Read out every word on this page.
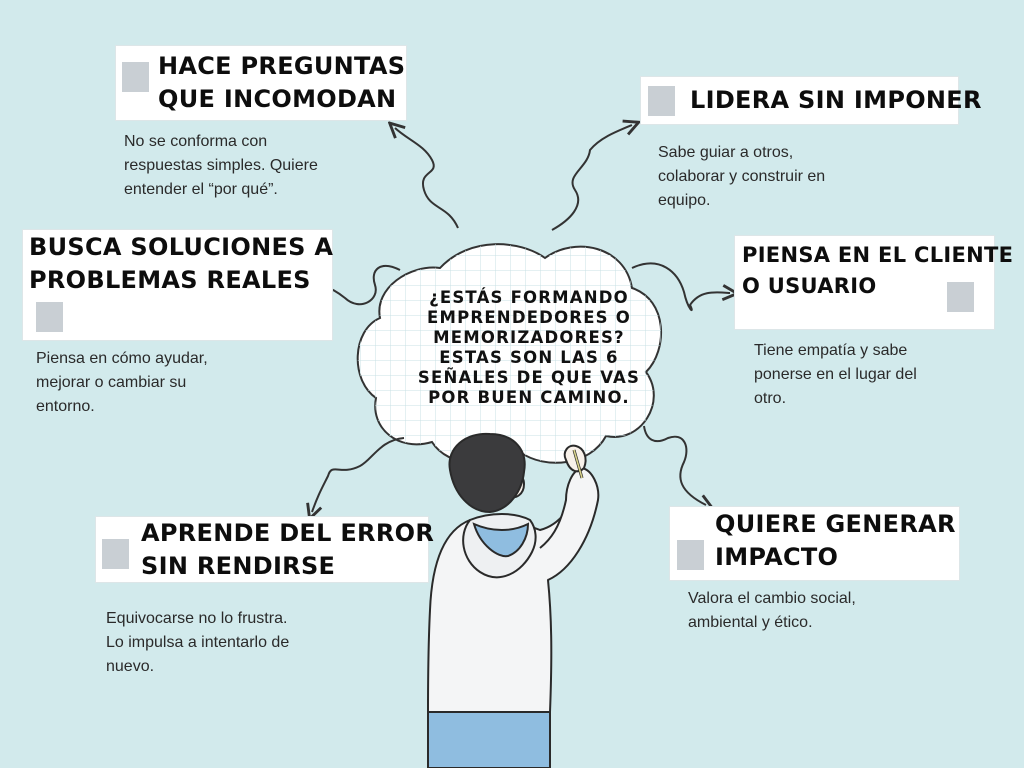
¿ESTÁS FORMANDO
EMPRENDEDORES O
MEMORIZADORES?
ESTAS SON LAS 6
SEÑALES DE QUE VAS
POR BUEN CAMINO.

HACE PREGUNTAS
QUE INCOMODAN

No se conforma con
respuestas simples. Quiere
entender el “por qué”.

LIDERA SIN IMPONER

Sabe guiar a otros,
colaborar y construir en
equipo.

BUSCA SOLUCIONES A
PROBLEMAS REALES

Piensa en cómo ayudar,
mejorar o cambiar su
entorno.

PIENSA EN EL CLIENTE
O USUARIO

Tiene empatía y sabe
ponerse en el lugar del
otro.

APRENDE DEL ERROR
SIN RENDIRSE

Equivocarse no lo frustra.
Lo impulsa a intentarlo de
nuevo.

QUIERE GENERAR
IMPACTO

Valora el cambio social,
ambiental y ético.
